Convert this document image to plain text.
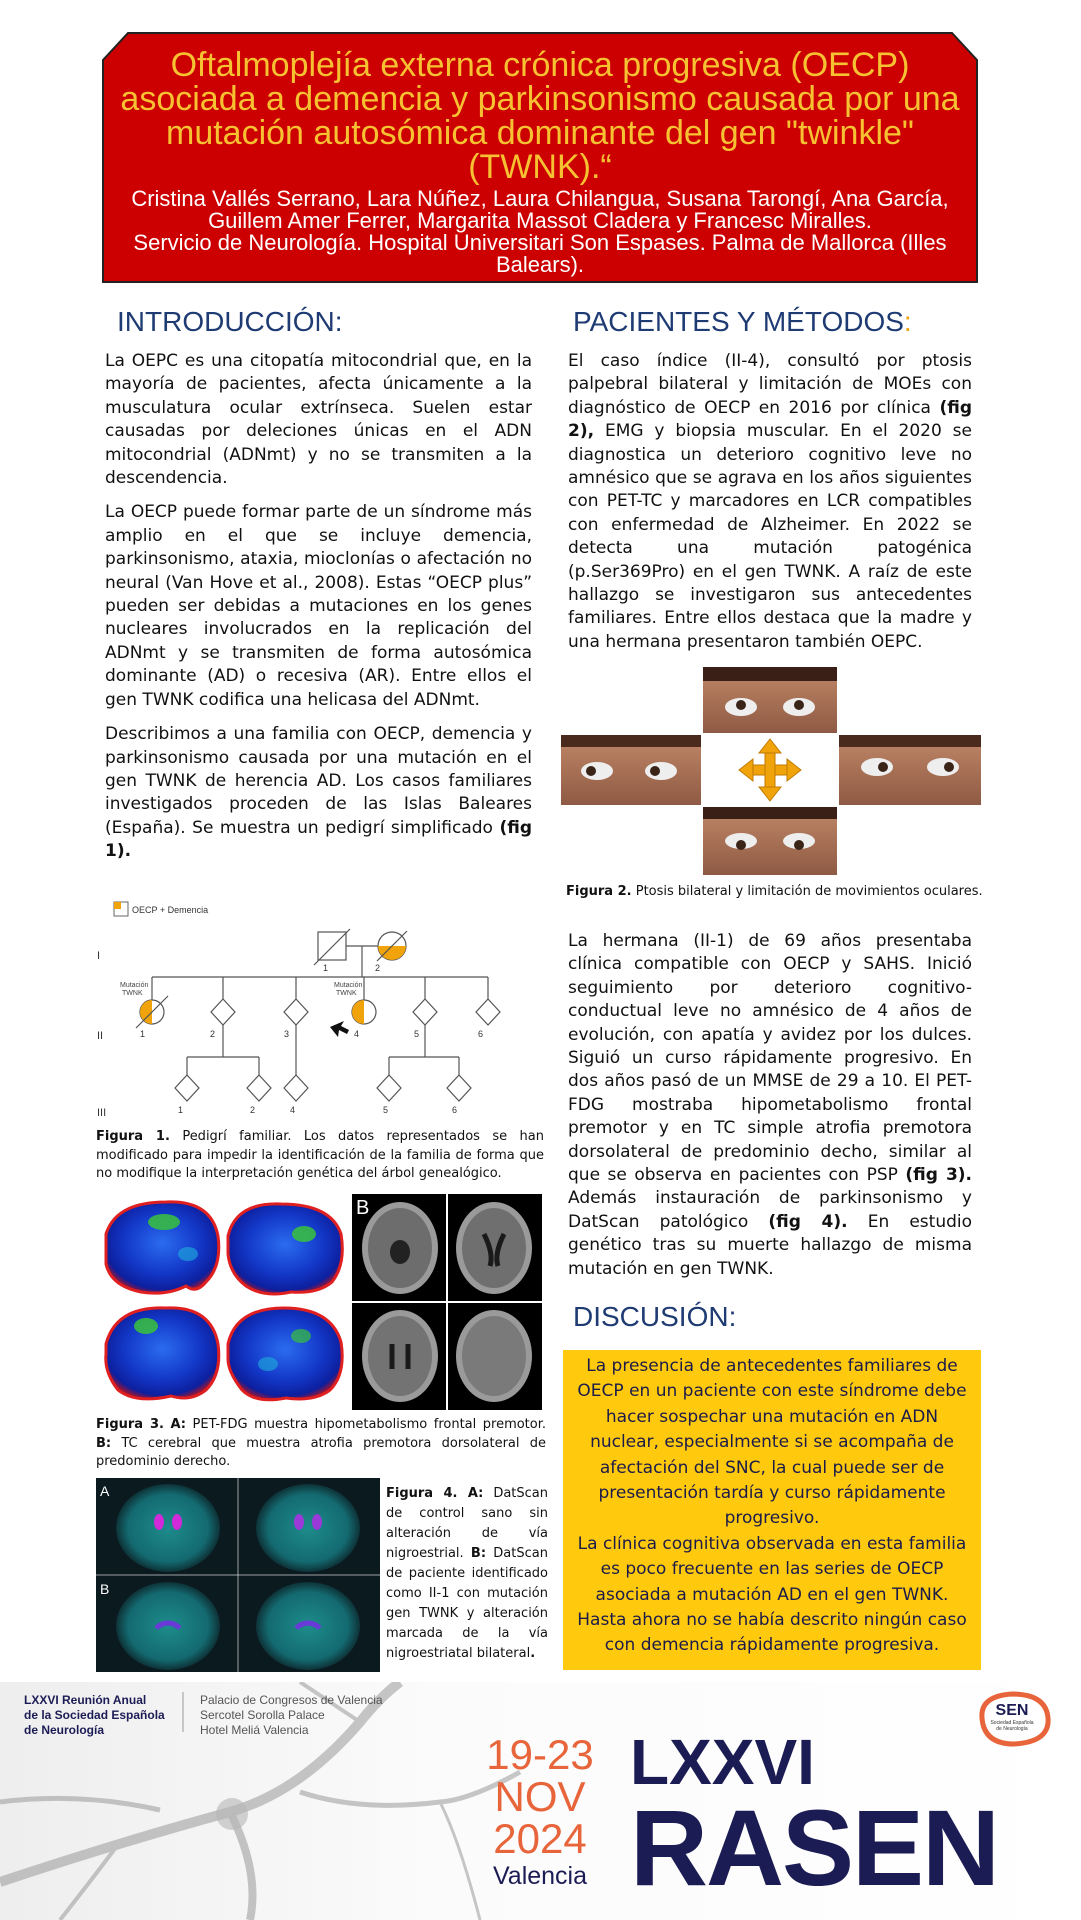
Oftalmoplejía externa crónica progresiva (OECP) asociada a demencia y parkinsonismo causada por una mutación autosómica dominante del gen "twinkle" (TWNK).“
Cristina Vallés Serrano, Lara Núñez, Laura Chilangua, Susana Tarongí, Ana García, Guillem Amer Ferrer, Margarita Massot Cladera y Francesc Miralles.
Servicio de Neurología. Hospital Universitari Son Espases. Palma de Mallorca (Illes Balears).
INTRODUCCIÓN:

La OEPC es una citopatía mitocondrial que, en la mayoría de pacientes, afecta únicamente a la musculatura ocular extrínseca. Suelen estar causadas por deleciones únicas en el ADN mitocondrial (ADNmt) y no se transmiten a la descendencia.

La OECP puede formar parte de un síndrome más amplio en el que se incluye demencia, parkinsonismo, ataxia, mioclonías o afectación no neural (Van Hove et al., 2008). Estas “OECP plus” pueden ser debidas a mutaciones en los genes nucleares involucrados en la replicación del ADNmt y se transmiten de forma autosómica dominante (AD) o recesiva (AR). Entre ellos el gen TWNK codifica una helicasa del ADNmt.

Describimos a una familia con OECP, demencia y parkinsonismo causada por una mutación en el gen TWNK de herencia AD. Los casos familiares investigados proceden de las Islas Baleares (España). Se muestra un pedigrí simplificado (fig 1).

OECP + Demencia
I
II
III
1	2
Mutación
TWNK
Mutación
TWNK
1	2	3	4	5	6
1	2	4	5	6
Figura 1. Pedigrí familiar. Los datos representados se han modificado para impedir la identificación de la familia de forma que no modifique la interpretación genética del árbol genealógico.
A	B
Figura 3. A: PET-FDG muestra hipometabolismo frontal premotor. B: TC cerebral que muestra atrofia premotora dorsolateral de predominio derecho.
A
B
Figura 4. A: DatScan de control sano sin alteración de vía nigroestrial. B: DatScan de paciente identificado como II-1 con mutación gen TWNK y alteración marcada de la vía nigroestriatal bilateral.
PACIENTES Y MÉTODOS:

El caso índice (II-4), consultó por ptosis palpebral bilateral y limitación de MOEs con diagnóstico de OECP en 2016 por clínica (fig 2), EMG y biopsia muscular. En el 2020 se diagnostica un deterioro cognitivo leve no amnésico que se agrava en los años siguientes con PET-TC y marcadores en LCR compatibles con enfermedad de Alzheimer. En 2022 se detecta una mutación patogénica (p.Ser369Pro) en el gen TWNK. A raíz de este hallazgo se investigaron sus antecedentes familiares. Entre ellos destaca que la madre y una hermana presentaron también OEPC.

Figura 2. Ptosis bilateral y limitación de movimientos oculares.

La hermana (II-1) de 69 años presentaba clínica compatible con OECP y SAHS. Inició seguimiento por deterioro cognitivo-conductual leve no amnésico de 4 años de evolución, con apatía y avidez por los dulces. Siguió un curso rápidamente progresivo. En dos años pasó de un MMSE de 29 a 10. El PET-FDG mostraba hipometabolismo frontal premotor y en TC simple atrofia premotora dorsolateral de predominio decho, similar al que se observa en pacientes con PSP (fig 3). Además instauración de parkinsonismo y DatScan patológico (fig 4). En estudio genético tras su muerte hallazgo de misma mutación en gen TWNK.

DISCUSIÓN:
La presencia de antecedentes familiares de OECP en un paciente con este síndrome debe hacer sospechar una mutación en ADN nuclear, especialmente si se acompaña de afectación del SNC, la cual puede ser de presentación tardía y curso rápidamente progresivo.
La clínica cognitiva observada en esta familia es poco frecuente en las series de OECP asociada a mutación AD en el gen TWNK. Hasta ahora no se había descrito ningún caso con demencia rápidamente progresiva.
LXXVI Reunión Anual
de la Sociedad Española
de Neurología
Palacio de Congresos de Valencia
Sercotel Sorolla Palace
Hotel Meliá Valencia
19-23
NOV
2024
Valencia
LXXVI
RASEN
SEN
Sociedad Española
de Neurología
